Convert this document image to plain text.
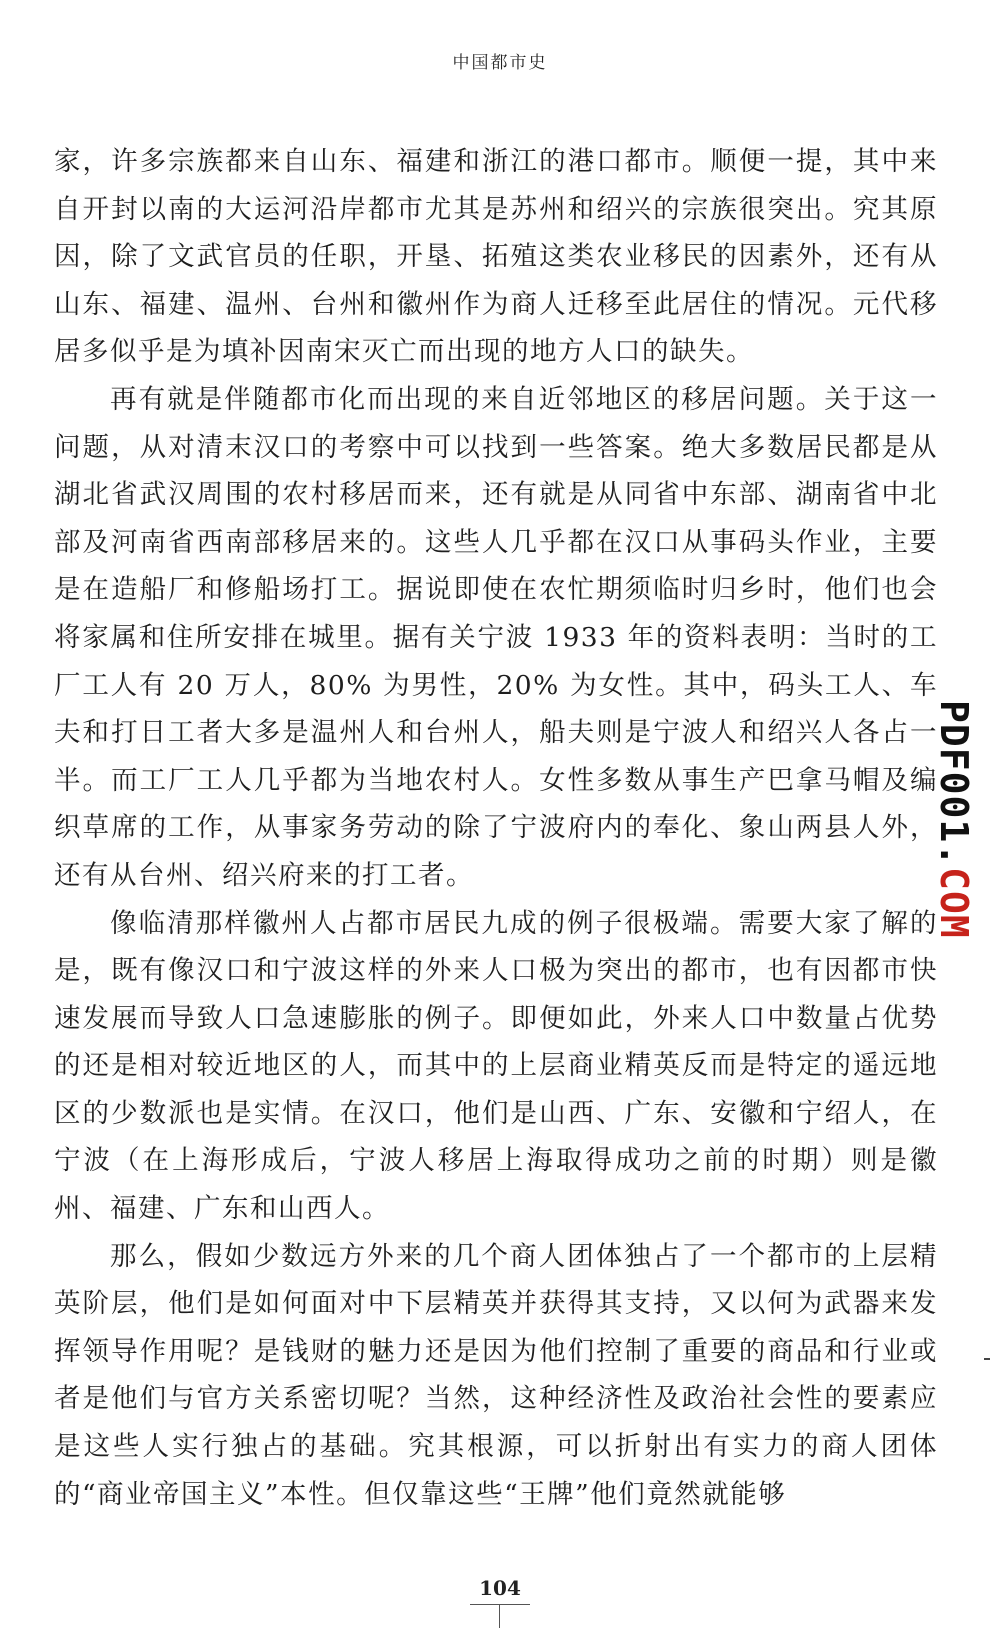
中国都市史

家，许多宗族都来自山东、福建和浙江的港口都市。顺便一提，其中来自开封以南的大运河沿岸都市尤其是苏州和绍兴的宗族很突出。究其原因，除了文武官员的任职，开垦、拓殖这类农业移民的因素外，还有从山东、福建、温州、台州和徽州作为商人迁移至此居住的情况。元代移居多似乎是为填补因南宋灭亡而出现的地方人口的缺失。

再有就是伴随都市化而出现的来自近邻地区的移居问题。关于这一问题，从对清末汉口的考察中可以找到一些答案。绝大多数居民都是从湖北省武汉周围的农村移居而来，还有就是从同省中东部、湖南省中北部及河南省西南部移居来的。这些人几乎都在汉口从事码头作业，主要是在造船厂和修船场打工。据说即使在农忙期须临时归乡时，他们也会将家属和住所安排在城里。据有关宁波 1933 年的资料表明：当时的工厂工人有 20 万人，80% 为男性，20% 为女性。其中，码头工人、车夫和打日工者大多是温州人和台州人，船夫则是宁波人和绍兴人各占一半。而工厂工人几乎都为当地农村人。女性多数从事生产巴拿马帽及编织草席的工作，从事家务劳动的除了宁波府内的奉化、象山两县人外，还有从台州、绍兴府来的打工者。

像临清那样徽州人占都市居民九成的例子很极端。需要大家了解的是，既有像汉口和宁波这样的外来人口极为突出的都市，也有因都市快速发展而导致人口急速膨胀的例子。即便如此，外来人口中数量占优势的还是相对较近地区的人，而其中的上层商业精英反而是特定的遥远地区的少数派也是实情。在汉口，他们是山西、广东、安徽和宁绍人，在宁波（在上海形成后，宁波人移居上海取得成功之前的时期）则是徽州、福建、广东和山西人。

那么，假如少数远方外来的几个商人团体独占了一个都市的上层精英阶层，他们是如何面对中下层精英并获得其支持，又以何为武器来发挥领导作用呢？是钱财的魅力还是因为他们控制了重要的商品和行业或者是他们与官方关系密切呢？当然，这种经济性及政治社会性的要素应是这些人实行独占的基础。究其根源，可以折射出有实力的商人团体的“商业帝国主义”本性。但仅靠这些“王牌”他们竟然就能够

PDF001.COM
104
